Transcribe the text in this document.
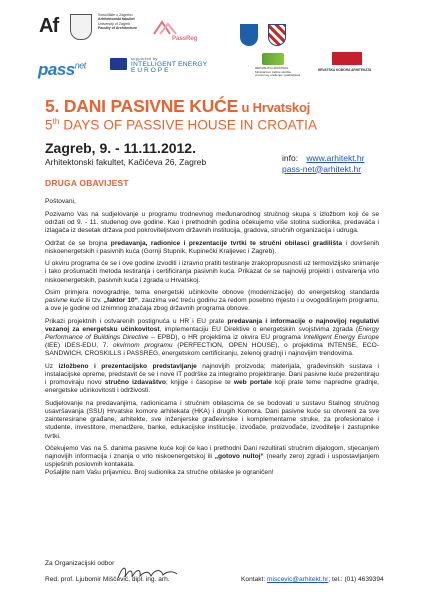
Af	Sveučilište u Zagrebu
Arhitektonski fakultet
University of Zagreb
Faculty of Architecture
PassReg
pass$^{net}$
supported by
INTELLIGENT ENERGY
EUROPE	REPUBLIKA HRVATSKA
Ministarstvo zaštite okoliša,
prostornog uređenja i graditeljstva
HRVATSKA KOMORA ARHITEKATA
5. DANI PASIVNE KUĆE u Hrvatskoj
5th DAYS OF PASSIVE HOUSE IN CROATIA
Zagreb, 9. - 11.11.2012.
Arhitektonski fakultet, Kačićeva 26, Zagreb	info: www.arhitekt.hr
pass-net@arhitekt.hr
DRUGA OBAVIJEST

Poštovani,

Pozivamo Vas na sudjelovanje u programu trodnevnog međunarodnog stručnog skupa s izložbom koji će se održati od 9. - 11. studenog ove godine. Kao i prethodnih godina očekujemo više stotina sudionika, predavača i izlagača iz desetak država pod pokroviteljstvom državnih institucija, gradova, stručnih organizacija i udruga.

Održat će se brojna predavanja, radionice i prezentacije tvrtki te stručni obilasci gradilišta i dovršenih niskoenergetskih i pasivnih kuća (Gornji Stupnik, Kupinečki Kraljevec i Zagreb).

U okviru programa će se i ove godine izvoditi i izravno pratiti testiranje zrakopropusnosti uz termovizijsko snimanje i tako prošumačiti metoda testiranja i certificiranja pasivnih kuća. Prikazat će se najnoviji projekti i ostvarenja vrlo niskoenergetskih, pasivnih kuća i zgrada u Hrvatskoj.

Osim primjera novogradnje, tema energetski učinkovite obnove (modernizacije) do energetskog standarda pasivne kuće ili tzv. „faktor 10“, zauzima već treću godinu za redom posebno mjesto i u ovogodišnjem programu, a ove je godine od iznimnog značaja zbog državnih programa obnove.

Prikazi projektnih i ostvarenih postignuća u HR i EU prate predavanja i informacije o najnovijoj regulativi vezanoj za energetsku učinkovitost, implementaciju EU Direktive o energetskim svojstvima zgrada (Energy Performance of Buildings Directive – EPBD), o HR projektima iz okvira EU programa Intelligent Energy Europe (IEE) IDES-EDU, 7. okvirnom programu (PERFECTION, OPEN HOUSE), o projektima INTENSE, ECO-SANDWICH, CROSKILLS i PASSREG, energetskom certificiranju, zelenoj gradnji i najnovijim trendovima.

Uz izložbeno i prezentacijsko predstavljanje najnovijih proizvoda; materijala, građevinskih sustava i instalacijske opreme, predstavit će se i nove IT podrške za integralno projektiranje. Dani pasivne kuće prezentiraju i promoviraju novo stručno izdavaštvo; knjige i časopise te web portale koji prate teme napredne gradnje, energetske učinkovitosti i održivosti.

Sudjelovanje na predavanjima, radionicama i stručnim obilascima će se bodovati u sustavu Stalnog stručnog usavršavanja (SSU) Hrvatske komore arhitekata (HKA) i drugih Komora. Dani pasivne kuće su otvoreni za sve zainteresirane građane, arhitekte, sve inženjerske građevinske i komplementarne struke, za profesionalce i studente, investitore, menadžere, banke, edukacijske institucije, izvođače, proizvođače, izvoditelje i zastupnike tvrtki.

Očekujemo Vas na 5. danima pasivne kuće koji će kao i prethodni Dani rezultirati stručnim dijalogom, stjecanjem najnovijih informacija i znanja o vrlo niskoenergetskoj ili „gotovo nultoj“ (nearly zero) zgradi i uspostavljanjem uspješnih poslovnih kontakata.
Pošaljite nam Vašu prijavnicu. Broj sudionika za stručne obilaske je ograničen!

Za Organizacijski odbor
Red. prof. Ljubomir Miščević, dipl. ing. arh.	Kontakt: miscevic@arhitekt.hr; tel.: (01) 4639394
